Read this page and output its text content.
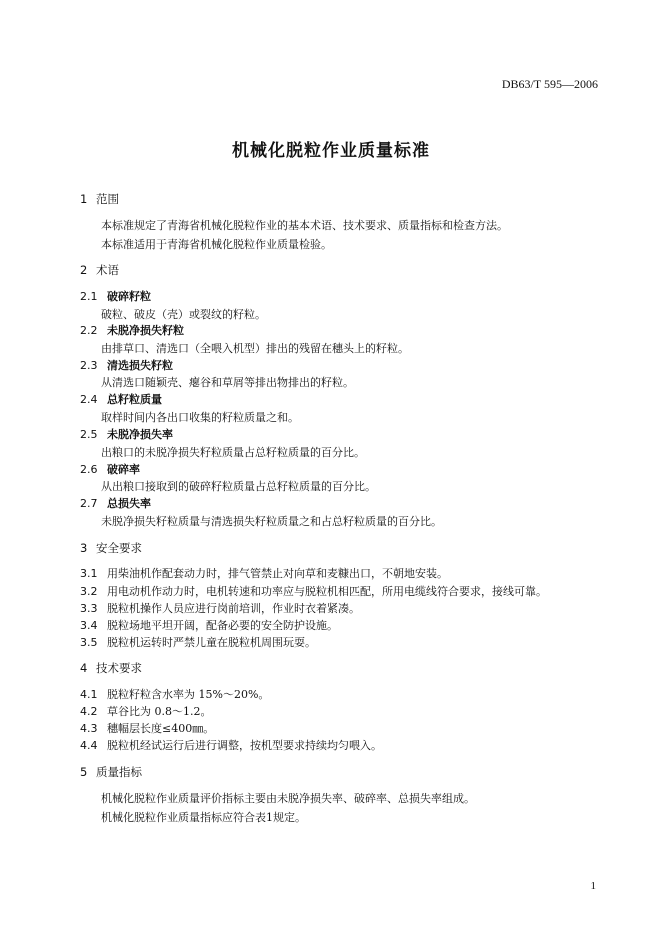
DB63/T 595—2006
机械化脱粒作业质量标准
1 范围
本标准规定了青海省机械化脱粒作业的基本术语、技术要求、质量指标和检查方法。
本标准适用于青海省机械化脱粒作业质量检验。
2 术语
2.1 破碎籽粒
破粒、破皮（壳）或裂纹的籽粒。
2.2 未脱净损失籽粒
由排草口、清选口（全喂入机型）排出的残留在穗头上的籽粒。
2.3 清选损失籽粒
从清选口随颖壳、瘪谷和草屑等排出物排出的籽粒。
2.4 总籽粒质量
取样时间内各出口收集的籽粒质量之和。
2.5 未脱净损失率
出粮口的未脱净损失籽粒质量占总籽粒质量的百分比。
2.6 破碎率
从出粮口接取到的破碎籽粒质量占总籽粒质量的百分比。
2.7 总损失率
未脱净损失籽粒质量与清选损失籽粒质量之和占总籽粒质量的百分比。
3 安全要求
3.1 用柴油机作配套动力时，排气管禁止对向草和麦糠出口，不朝地安装。
3.2 用电动机作动力时，电机转速和功率应与脱粒机相匹配，所用电缆线符合要求，接线可靠。
3.3 脱粒机操作人员应进行岗前培训，作业时衣着紧凑。
3.4 脱粒场地平坦开阔，配备必要的安全防护设施。
3.5 脱粒机运转时严禁儿童在脱粒机周围玩耍。
4 技术要求
4.1 脱粒籽粒含水率为 15%～20%。
4.2 草谷比为 0.8～1.2。
4.3 穗幅层长度≤400㎜。
4.4 脱粒机经试运行后进行调整，按机型要求持续均匀喂入。
5 质量指标
机械化脱粒作业质量评价指标主要由未脱净损失率、破碎率、总损失率组成。
机械化脱粒作业质量指标应符合表1规定。
1
